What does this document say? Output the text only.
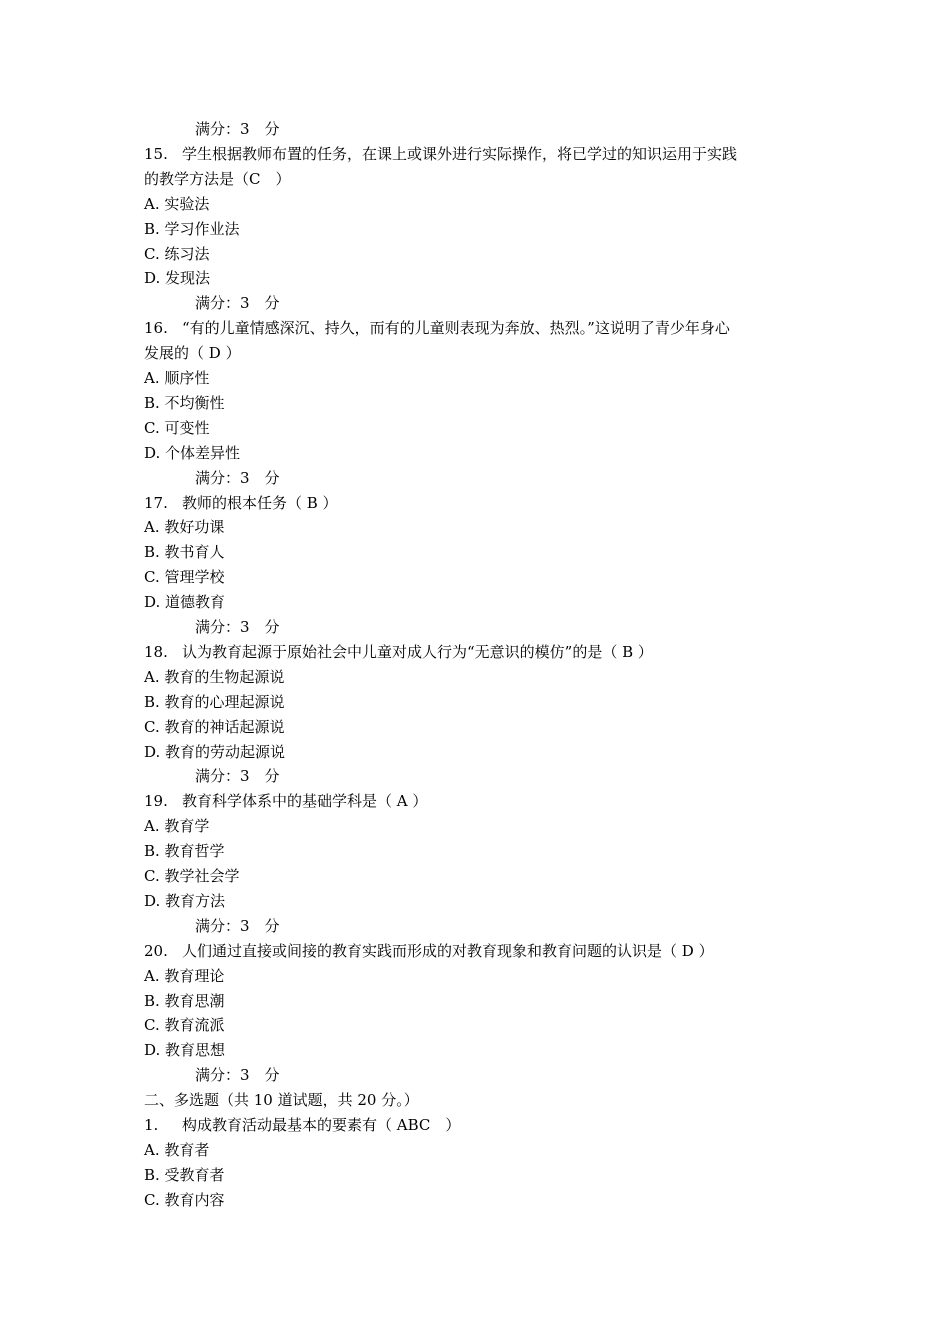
满分：3　分
15. 学生根据教师布置的任务，在课上或课外进行实际操作，将已学过的知识运用于实践
的教学方法是（C　）
A. 实验法
B. 学习作业法
C. 练习法
D. 发现法
满分：3　分
16. “有的儿童情感深沉、持久，而有的儿童则表现为奔放、热烈。”这说明了青少年身心
发展的（ D ）
A. 顺序性
B. 不均衡性
C. 可变性
D. 个体差异性
满分：3　分
17. 教师的根本任务（ B ）
A. 教好功课
B. 教书育人
C. 管理学校
D. 道德教育
满分：3　分
18. 认为教育起源于原始社会中儿童对成人行为“无意识的模仿”的是（ B ）
A. 教育的生物起源说
B. 教育的心理起源说
C. 教育的神话起源说
D. 教育的劳动起源说
满分：3　分
19. 教育科学体系中的基础学科是（ A ）
A. 教育学
B. 教育哲学
C. 教学社会学
D. 教育方法
满分：3　分
20. 人们通过直接或间接的教育实践而形成的对教育现象和教育问题的认识是（ D ）
A. 教育理论
B. 教育思潮
C. 教育流派
D. 教育思想
满分：3　分
二、多选题（共 10 道试题，共 20 分。）
1. 构成教育活动最基本的要素有（ ABC　）
A. 教育者
B. 受教育者
C. 教育内容
